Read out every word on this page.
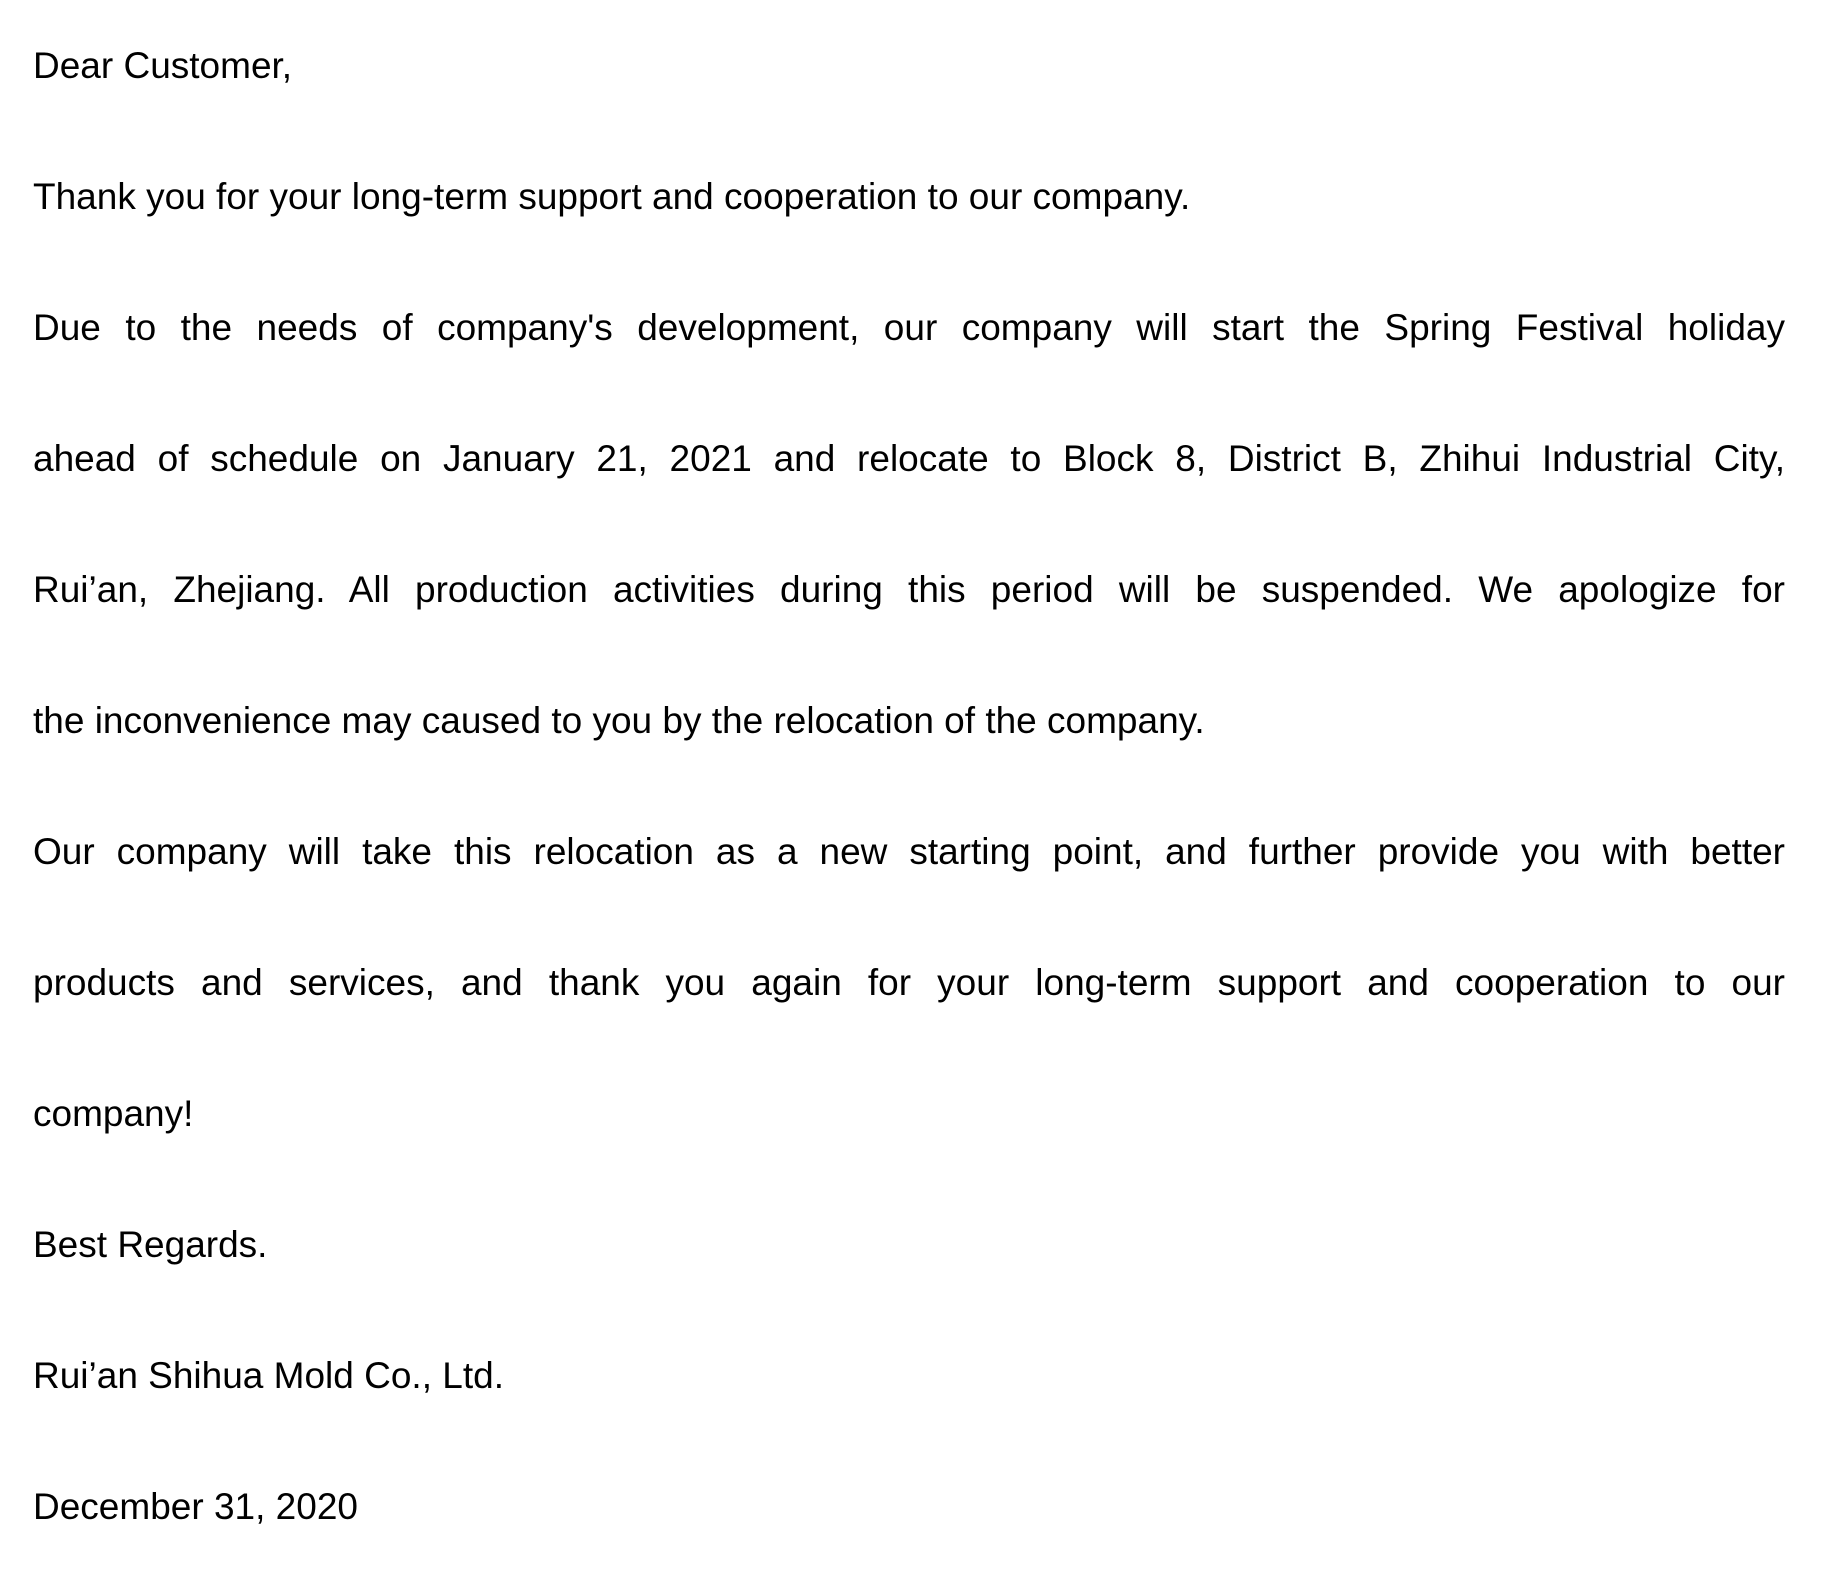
Dear Customer,

Thank you for your long-term support and cooperation to our company.

Due to the needs of company's development, our company will start the Spring Festival holiday

ahead of schedule on January 21, 2021 and relocate to Block 8, District B, Zhihui Industrial City,

Rui’an, Zhejiang. All production activities during this period will be suspended. We apologize for

the inconvenience may caused to you by the relocation of the company.

Our company will take this relocation as a new starting point, and further provide you with better

products and services, and thank you again for your long-term support and cooperation to our

company!

Best Regards.

Rui’an Shihua Mold Co., Ltd.

December 31, 2020
